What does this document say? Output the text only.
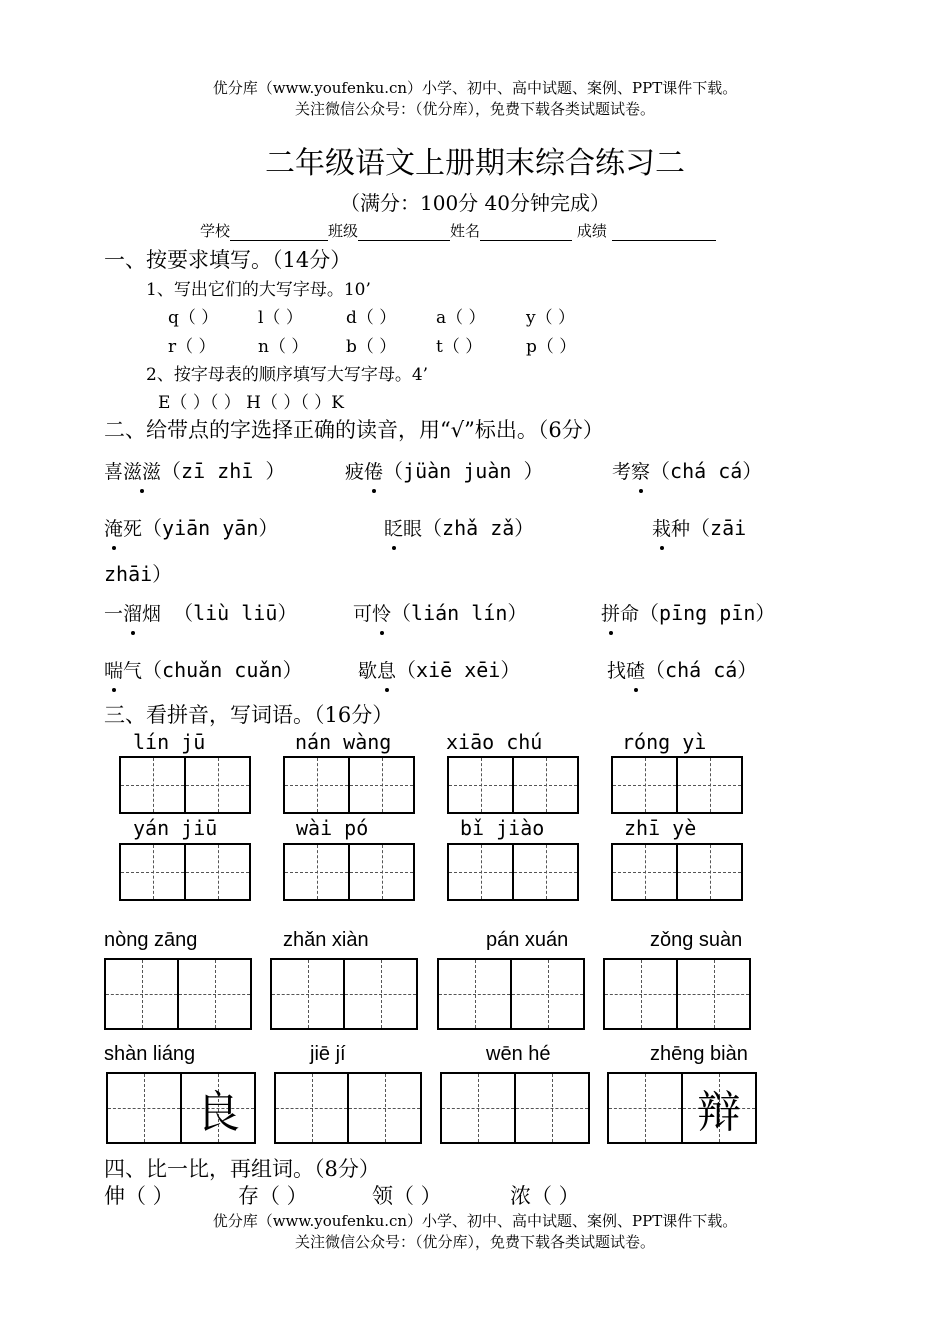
优分库（www.youfenku.cn）小学、初中、高中试题、案例、PPT课件下载。
关注微信公众号：（优分库），免费下载各类试题试卷。
二年级语文上册期末综合练习二
（满分：100分 40分钟完成）
学校	班级	姓名	成绩
一、按要求填写。（14分）
1、写出它们的大写字母。10’
q（ ） l（ ）	d（ ） a（ ） y（ ）
r（ ） n（ ） b（ ） t（ ）	p（ ）
2、按字母表的顺序填写大写字母。4’
E（ ）（ ） H（ ）（ ）K
二、给带点的字选择正确的读音，用“√”标出。（6分）
喜滋滋（zī zhī ）	疲倦（jüàn juàn ）	考察（chá cá）
淹死（yiān yān）	眨眼（zhǎ zǎ）	栽种（zāi
zhāi）
一溜烟 （liù liū）	可怜（lián lín）	拼命（pīng pīn）
喘气（chuǎn cuǎn）	歇息（xiē xēi）	找碴（chá cá）
三、看拼音，写词语。（16分）
lín jū	nán wàng	xiāo chú	róng yì
yán jiū	wài pó	bǐ jiào	zhī yè
nòng zāng	zhǎn xiàn	pán xuán	zǒng suàn
shàn liáng	jiē jí	wēn hé	zhēng biàn
良	辩
四、比一比，再组词。（8分）
伸（ ）	存（ ）	领（ ）	浓（ ）
优分库（www.youfenku.cn）小学、初中、高中试题、案例、PPT课件下载。
关注微信公众号：（优分库），免费下载各类试题试卷。
